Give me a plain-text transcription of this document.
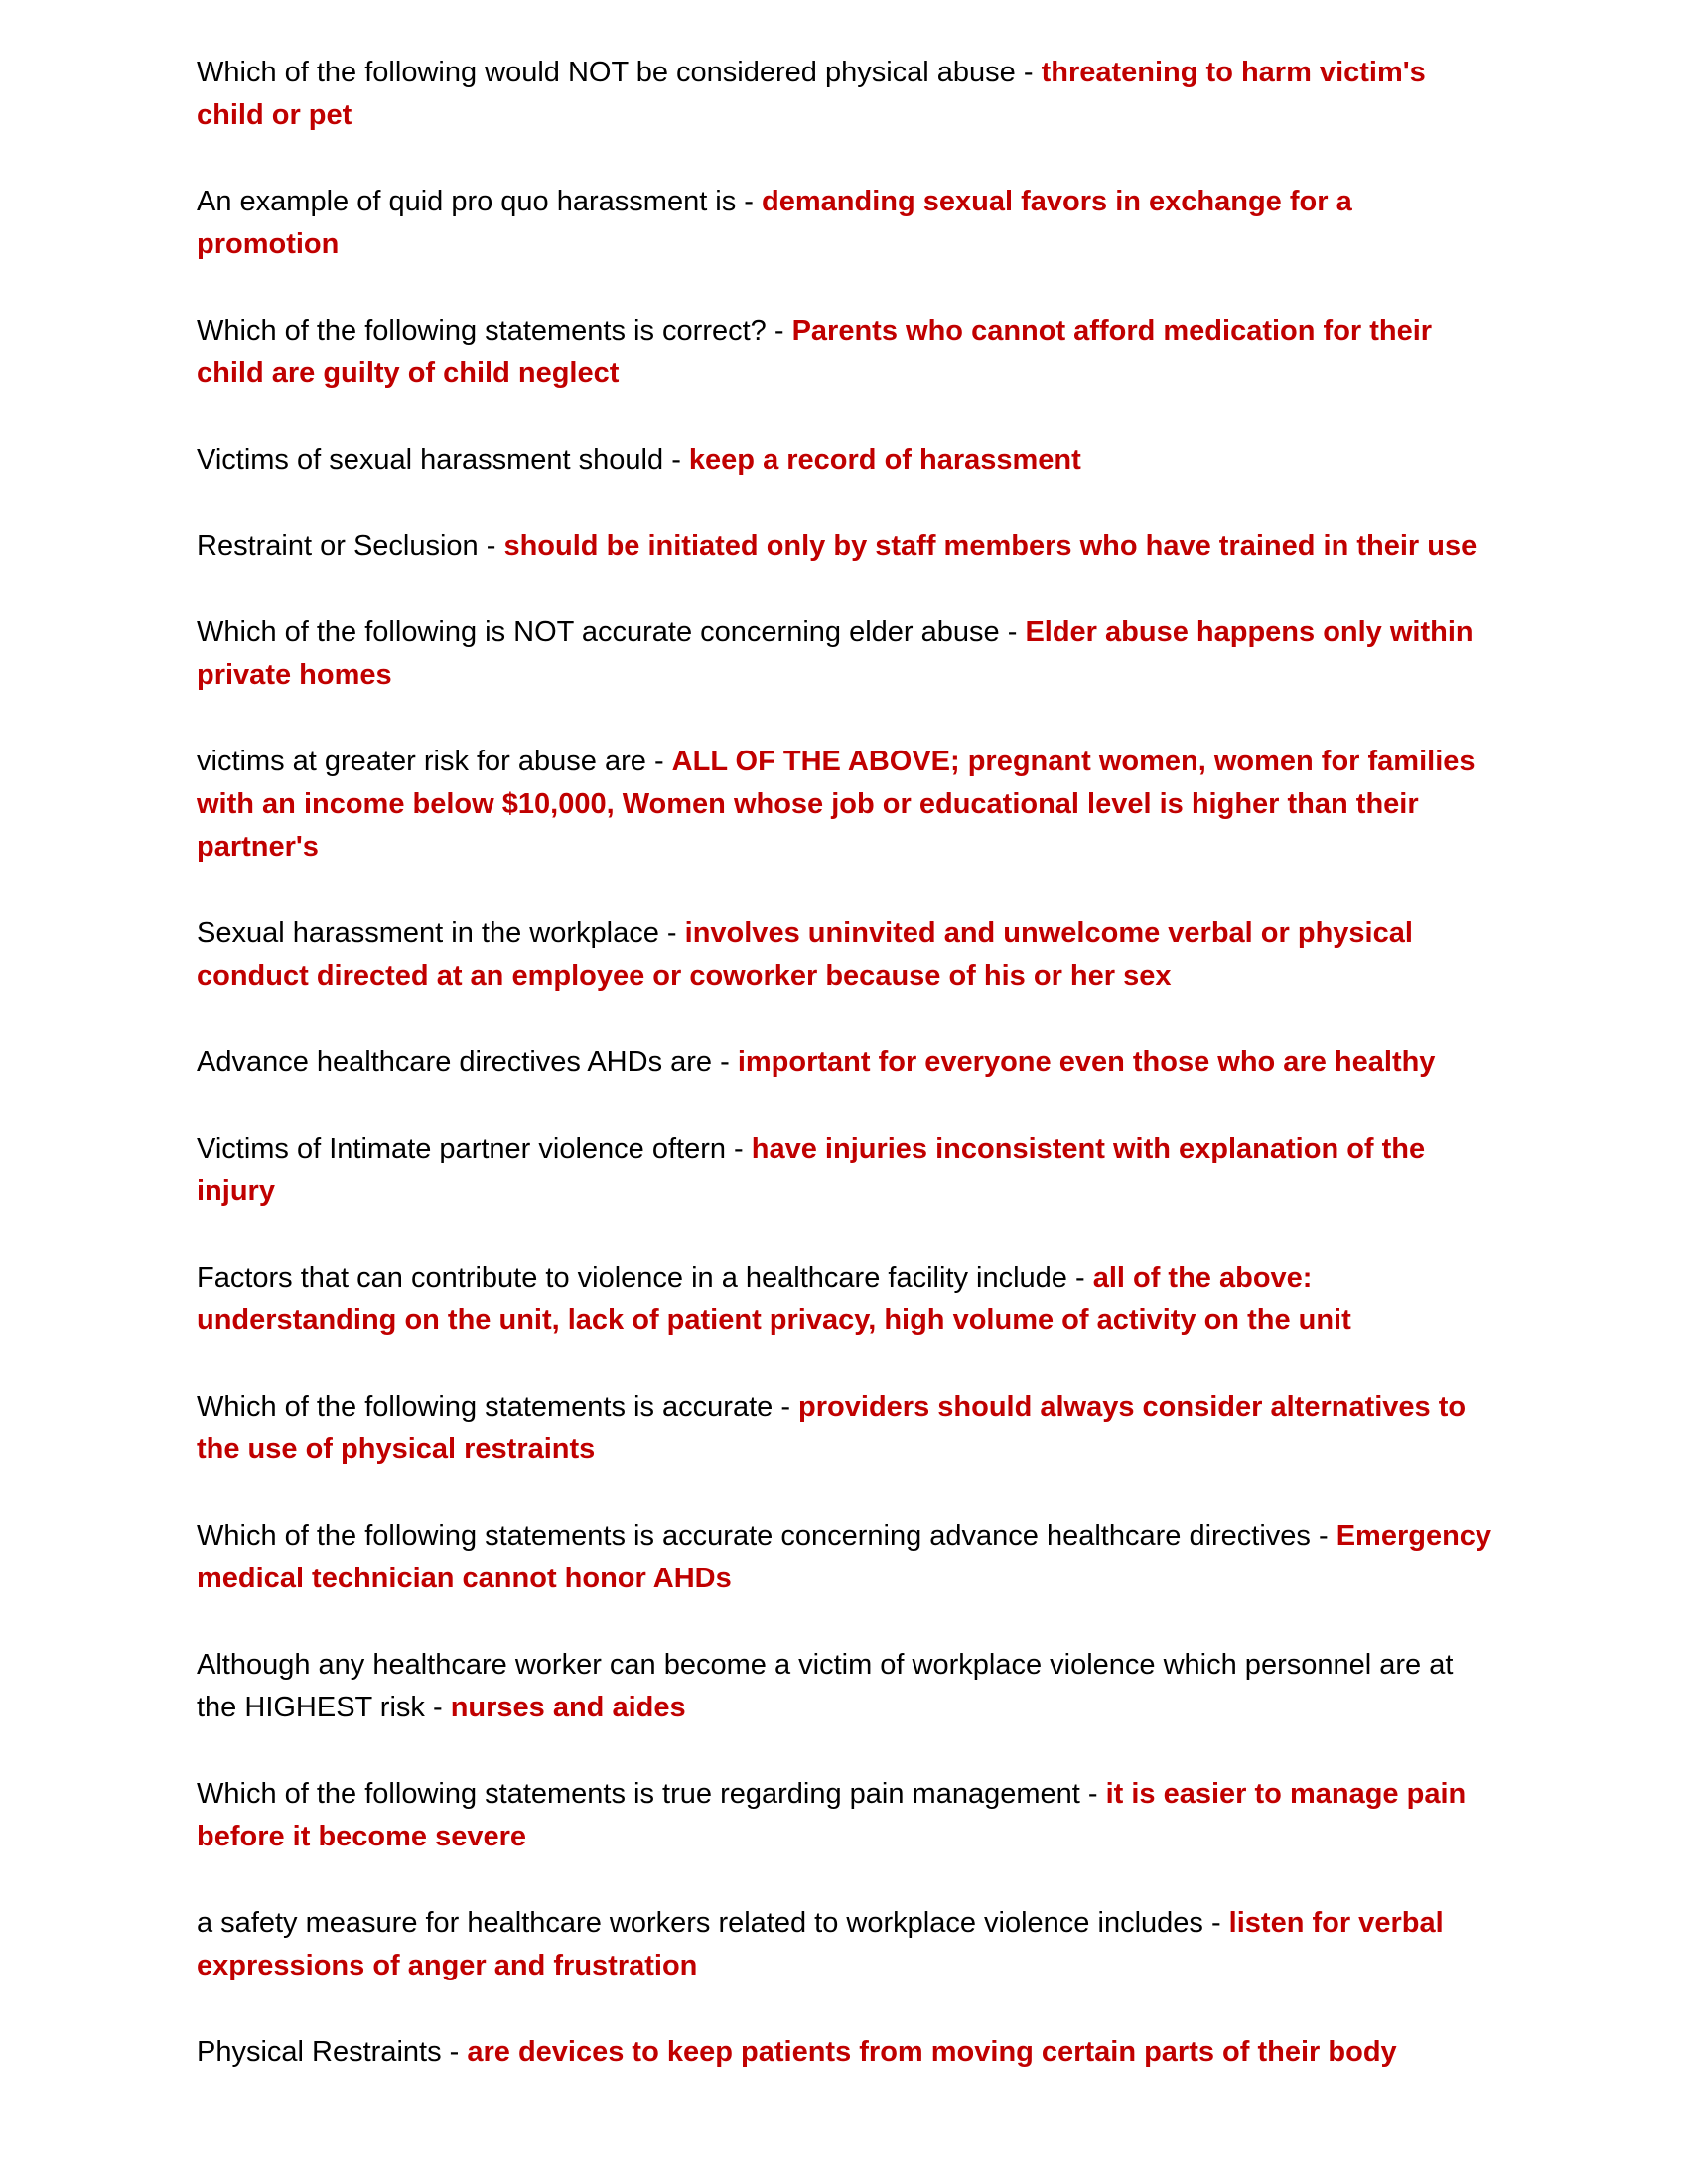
Which of the following would NOT be considered physical abuse - threatening to harm victim's child or pet

An example of quid pro quo harassment is - demanding sexual favors in exchange for a promotion

Which of the following statements is correct? - Parents who cannot afford medication for their child are guilty of child neglect

Victims of sexual harassment should - keep a record of harassment

Restraint or Seclusion - should be initiated only by staff members who have trained in their use

Which of the following is NOT accurate concerning elder abuse - Elder abuse happens only within private homes

victims at greater risk for abuse are - ALL OF THE ABOVE; pregnant women, women for families with an income below $10,000, Women whose job or educational level is higher than their partner's

Sexual harassment in the workplace - involves uninvited and unwelcome verbal or physical conduct directed at an employee or coworker because of his or her sex

Advance healthcare directives AHDs are - important for everyone even those who are healthy

Victims of Intimate partner violence oftern - have injuries inconsistent with explanation of the injury

Factors that can contribute to violence in a healthcare facility include - all of the above: understanding on the unit, lack of patient privacy, high volume of activity on the unit

Which of the following statements is accurate - providers should always consider alternatives to the use of physical restraints

Which of the following statements is accurate concerning advance healthcare directives - Emergency medical technician cannot honor AHDs

Although any healthcare worker can become a victim of workplace violence which personnel are at the HIGHEST risk - nurses and aides

Which of the following statements is true regarding pain management - it is easier to manage pain before it become severe

a safety measure for healthcare workers related to workplace violence includes - listen for verbal expressions of anger and frustration

Physical Restraints - are devices to keep patients from moving certain parts of their body
